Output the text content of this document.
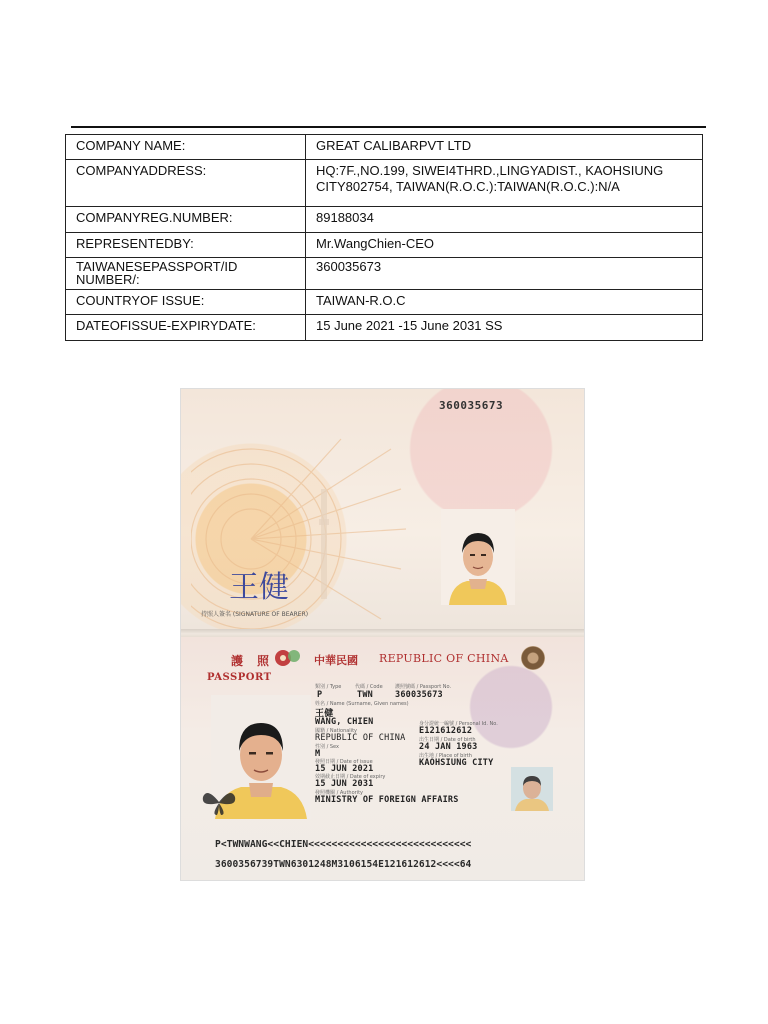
COMPANY NAME:	GREAT CALIBARPVT LTD
COMPANYADDRESS:	HQ:7F.,NO.199, SIWEI4THRD.,LINGYADIST., KAOHSIUNG CITY802754, TAIWAN(R.O.C.):TAIWAN(R.O.C.):N/A
COMPANYREG.NUMBER:	89188034
REPRESENTEDBY:	Mr.WangChien-CEO
TAIWANESEPASSPORT/ID NUMBER/:	360035673
COUNTRYOF ISSUE:	TAIWAN-R.O.C
DATEOFISSUE-EXPIRYDATE:	15 June 2021 -15 June 2031 SS
360035673
王健
持照人簽名 (SIGNATURE OF BEARER)
護 照	中華民國 REPUBLIC OF CHINA
PASSPORT
類別 / Type
P
代碼 / Code
TWN
護照號碼 / Passport No.
360035673
姓名 / Name (Surname, Given names)
王健
WANG, CHIEN
國籍 / Nationality
REPUBLIC OF CHINA
身分證統一編號 / Personal Id. No.
E121612612
性別 / Sex
M
出生日期 / Date of birth
24 JAN 1963
發照日期 / Date of issue
15 JUN 2021
出生地 / Place of birth
KAOHSIUNG CITY
效期截止日期 / Date of expiry
15 JUN 2031
發照機關 / Authority
MINISTRY OF FOREIGN AFFAIRS
P<TWNWANG<<CHIEN<<<<<<<<<<<<<<<<<<<<<<<<<<<<
3600356739TWN6301248M3106154E121612612<<<<64
